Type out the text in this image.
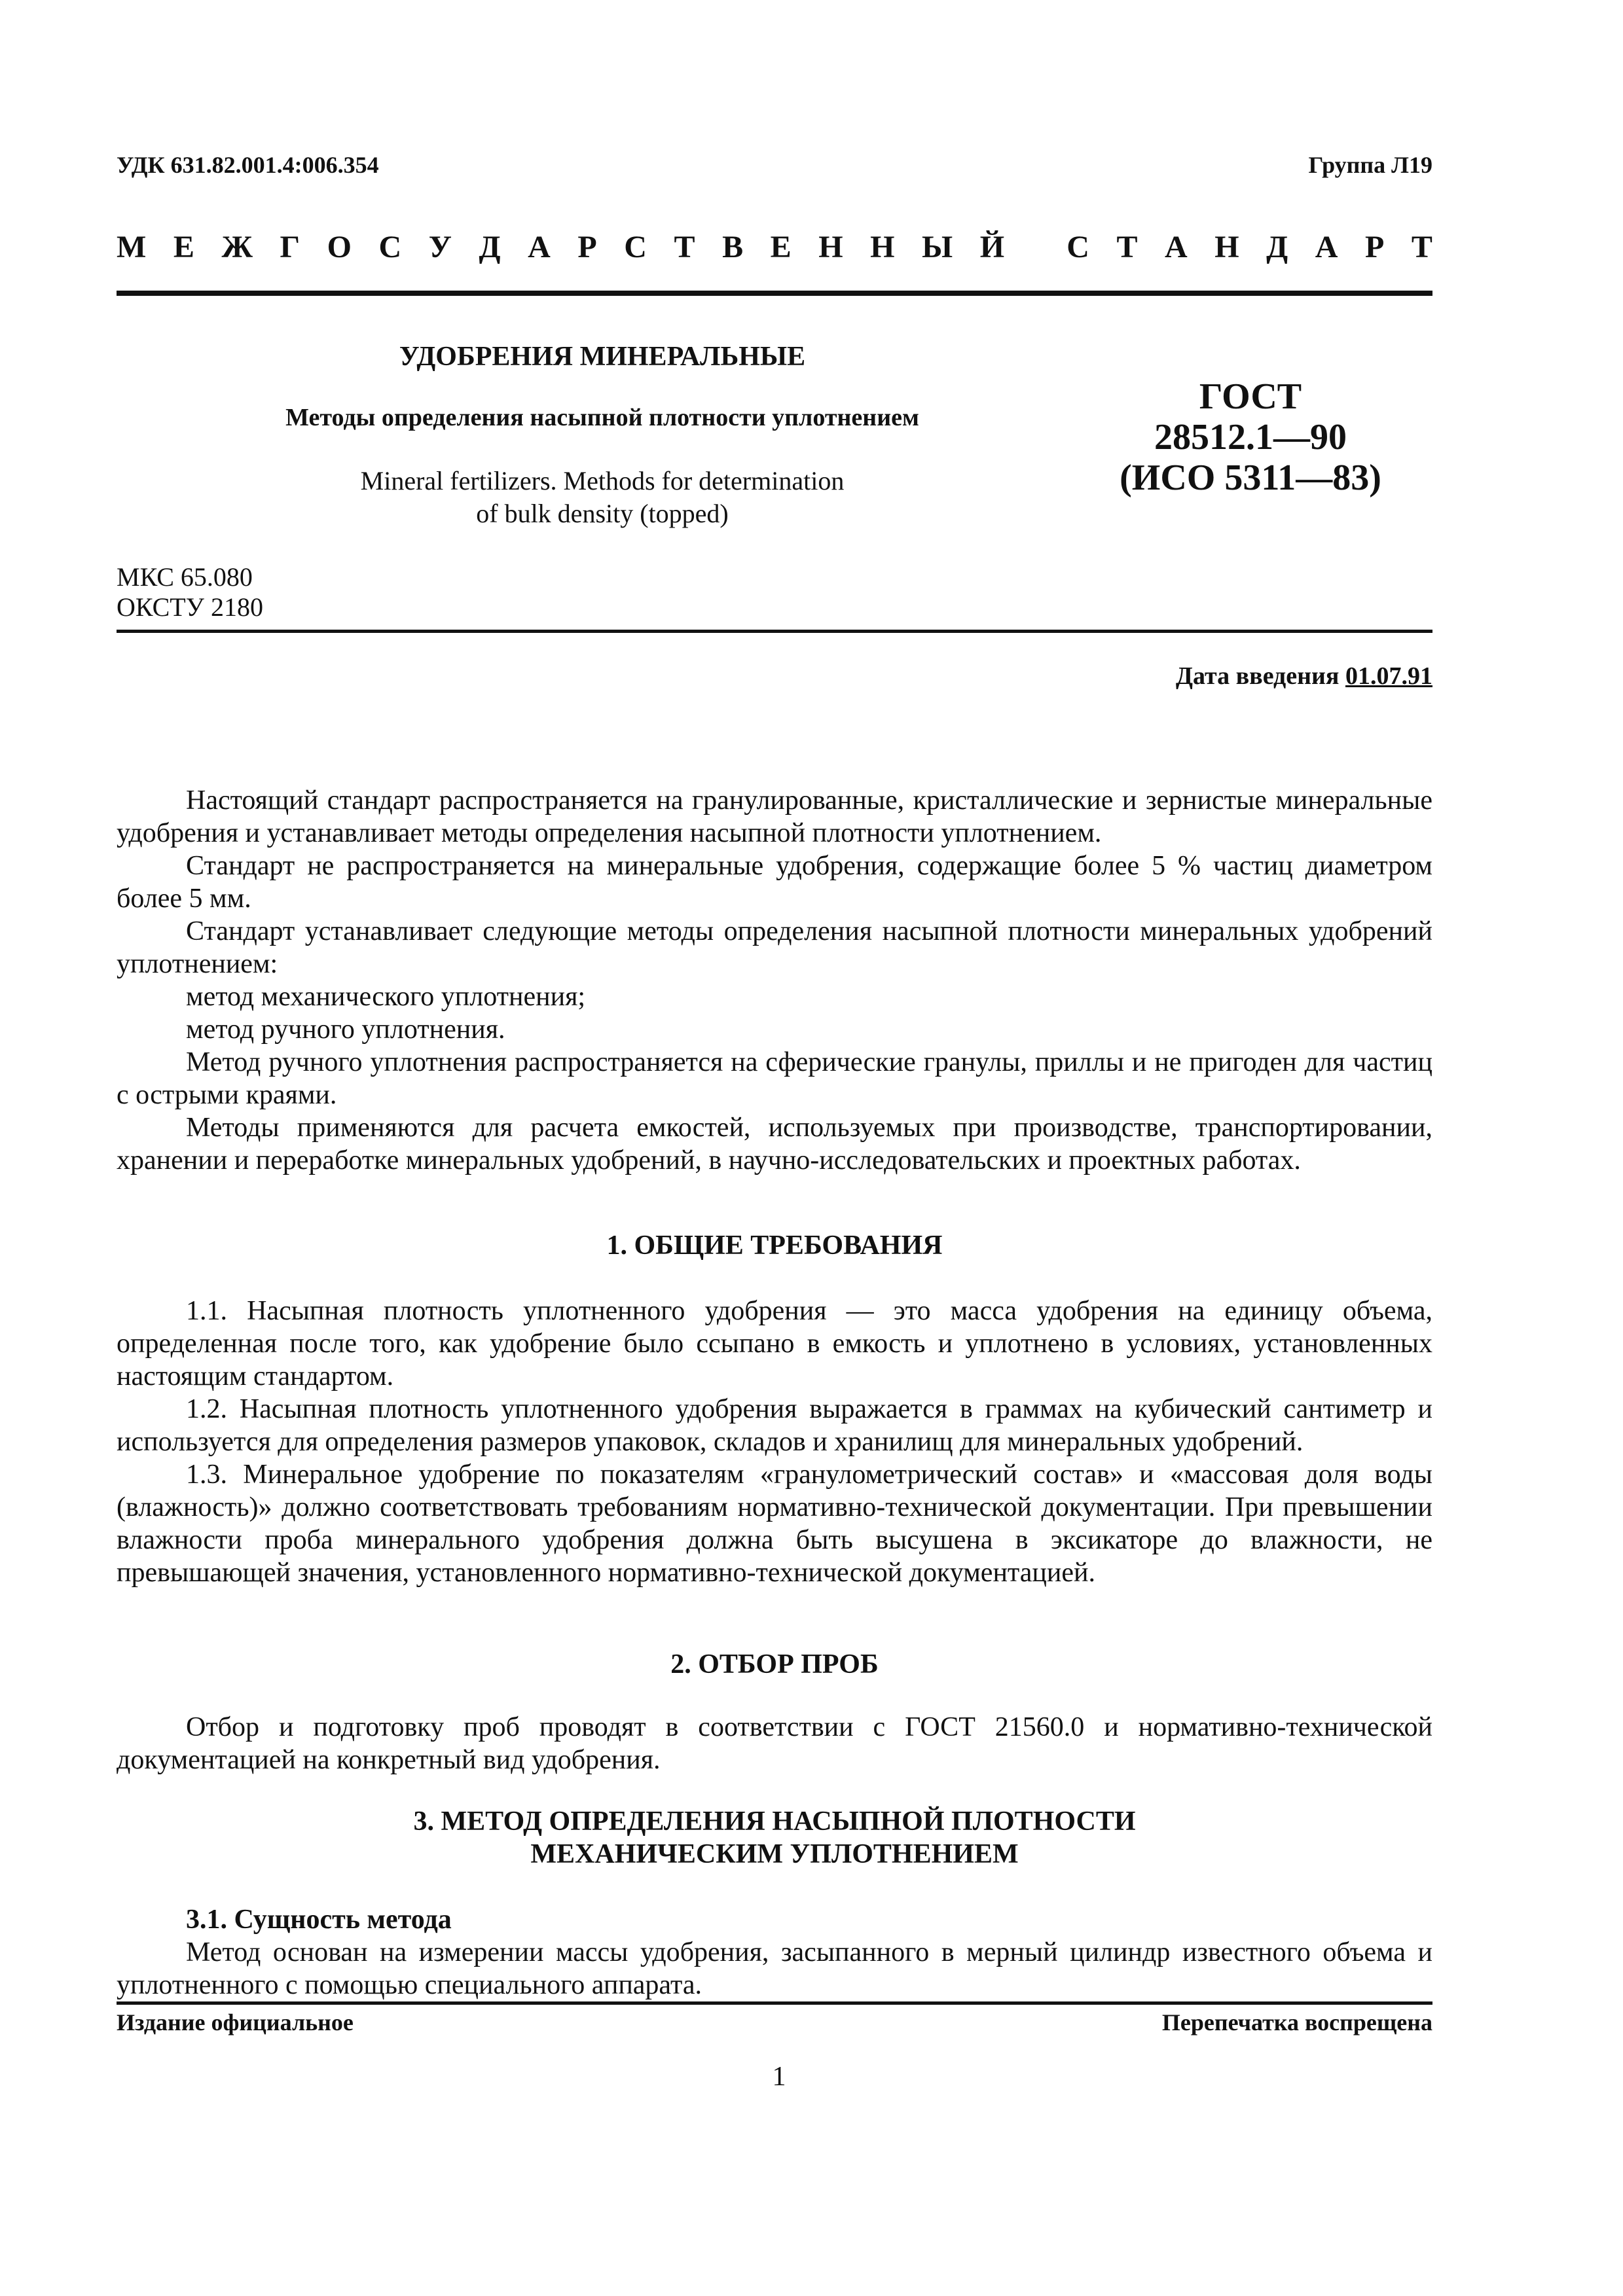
УДК 631.82.001.4:006.354	Группа Л19
М Е Ж Г О С У Д А Р С Т В Е Н Н Ы Й
С Т А Н Д А Р Т
УДОБРЕНИЯ МИНЕРАЛЬНЫЕ
Методы определения насыпной плотности уплотнением
Mineral fertilizers. Methods for determination
of bulk density (topped)
ГОСТ
28512.1—90
(ИСО 5311—83)
МКС 65.080
ОКСТУ 2180
Дата введения 01.07.91

Настоящий стандарт распространяется на гранулированные, кристаллические и зернистые минеральные удобрения и устанавливает методы определения насыпной плотности уплотнением.

Стандарт не распространяется на минеральные удобрения, содержащие более 5 % частиц диаметром более 5 мм.

Стандарт устанавливает следующие методы определения насыпной плотности минеральных удобрений уплотнением:

метод механического уплотнения;

метод ручного уплотнения.

Метод ручного уплотнения распространяется на сферические гранулы, приллы и не пригоден для частиц с острыми краями.

Методы применяются для расчета емкостей, используемых при производстве, транспортировании, хранении и переработке минеральных удобрений, в научно-исследовательских и проектных работах.

1. ОБЩИЕ ТРЕБОВАНИЯ

1.1. Насыпная плотность уплотненного удобрения — это масса удобрения на единицу объема, определенная после того, как удобрение было ссыпано в емкость и уплотнено в условиях, установленных настоящим стандартом.

1.2. Насыпная плотность уплотненного удобрения выражается в граммах на кубический сантиметр и используется для определения размеров упаковок, складов и хранилищ для минеральных удобрений.

1.3. Минеральное удобрение по показателям «гранулометрический состав» и «массовая доля воды (влажность)» должно соответствовать требованиям нормативно-технической документации. При превышении влажности проба минерального удобрения должна быть высушена в эксикаторе до влажности, не превышающей значения, установленного нормативно-технической документацией.

2. ОТБОР ПРОБ

Отбор и подготовку проб проводят в соответствии с ГОСТ 21560.0 и нормативно-технической документацией на конкретный вид удобрения.

3. МЕТОД ОПРЕДЕЛЕНИЯ НАСЫПНОЙ ПЛОТНОСТИ
МЕХАНИЧЕСКИМ УПЛОТНЕНИЕМ
3.1. Сущность метода

Метод основан на измерении массы удобрения, засыпанного в мерный цилиндр известного объема и уплотненного с помощью специального аппарата.

Издание официальное	Перепечатка воспрещена
1
